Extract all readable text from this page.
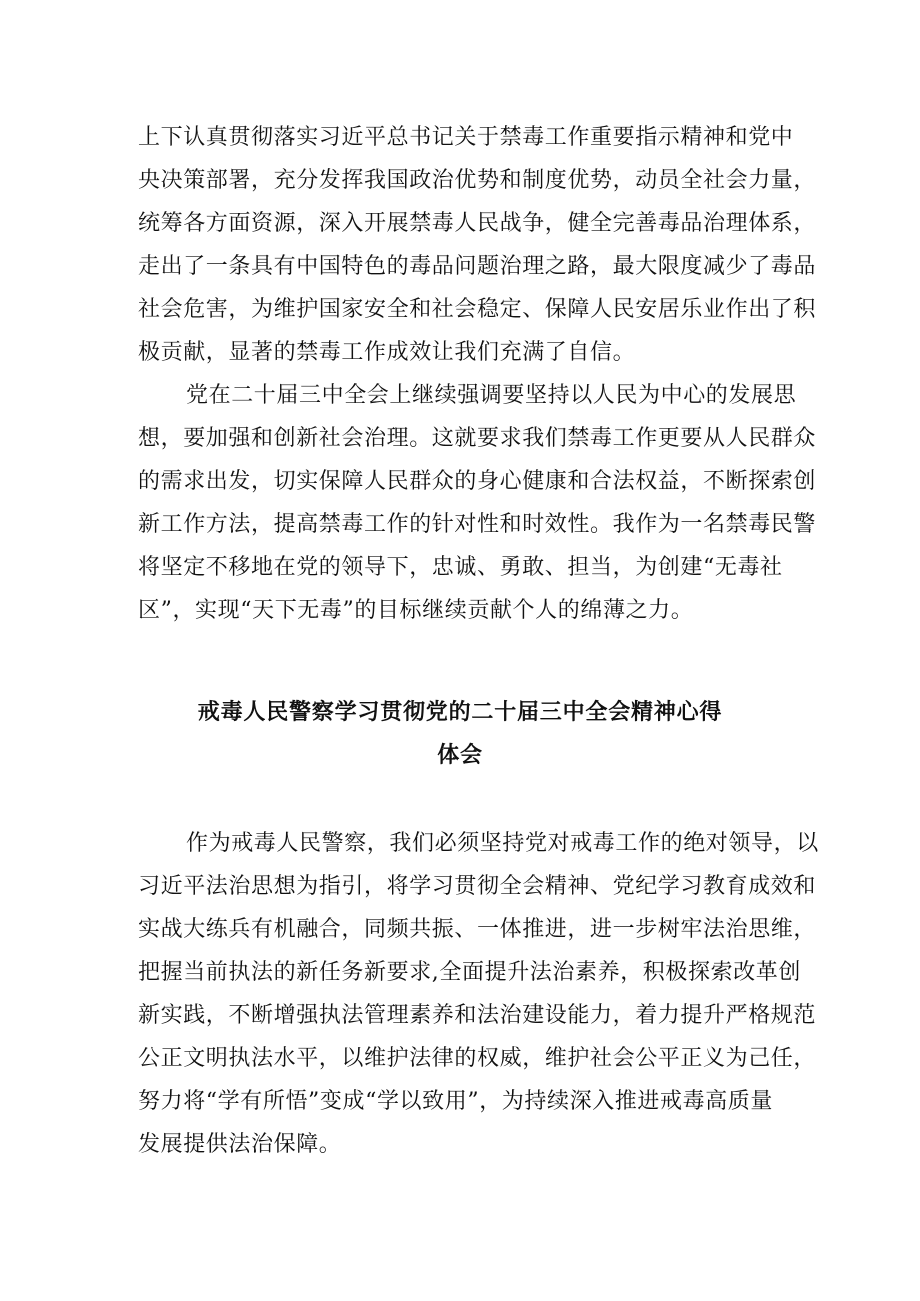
上下认真贯彻落实习近平总书记关于禁毒工作重要指示精神和党中
央决策部署，充分发挥我国政治优势和制度优势，动员全社会力量，
统筹各方面资源，深入开展禁毒人民战争，健全完善毒品治理体系，
走出了一条具有中国特色的毒品问题治理之路，最大限度减少了毒品
社会危害，为维护国家安全和社会稳定、保障人民安居乐业作出了积
极贡献，显著的禁毒工作成效让我们充满了自信。
党在二十届三中全会上继续强调要坚持以人民为中心的发展思
想，要加强和创新社会治理。这就要求我们禁毒工作更要从人民群众
的需求出发，切实保障人民群众的身心健康和合法权益，不断探索创
新工作方法，提高禁毒工作的针对性和时效性。我作为一名禁毒民警
将坚定不移地在党的领导下，忠诚、勇敢、担当，为创建“无毒社
区”，实现“天下无毒”的目标继续贡献个人的绵薄之力。
戒毒人民警察学习贯彻党的二十届三中全会精神心得
体会
作为戒毒人民警察，我们必须坚持党对戒毒工作的绝对领导，以
习近平法治思想为指引，将学习贯彻全会精神、党纪学习教育成效和
实战大练兵有机融合，同频共振、一体推进，进一步树牢法治思维，
把握当前执法的新任务新要求,全面提升法治素养，积极探索改革创
新实践，不断增强执法管理素养和法治建设能力，着力提升严格规范
公正文明执法水平，以维护法律的权威，维护社会公平正义为己任，
努力将“学有所悟”变成“学以致用”，为持续深入推进戒毒高质量
发展提供法治保障。
